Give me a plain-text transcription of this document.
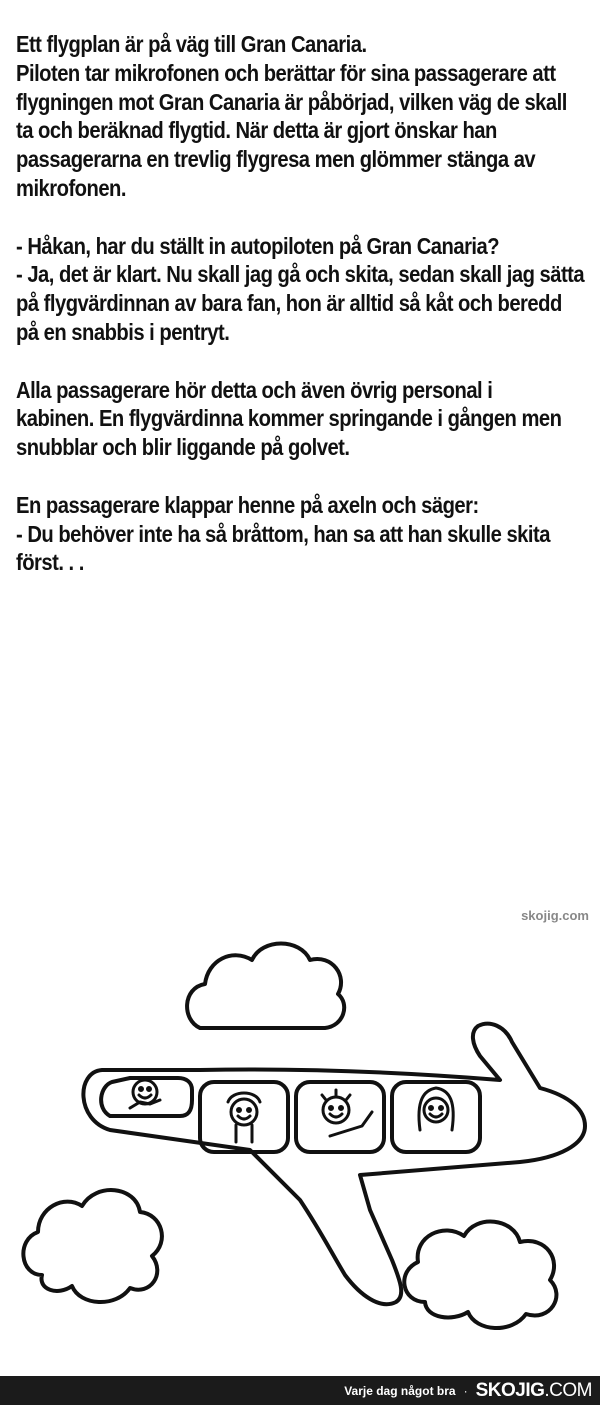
Ett flygplan är på väg till Gran Canaria.
Piloten tar mikrofonen och berättar för sina passagerare att flygningen mot Gran Canaria är påbörjad, vilken väg de skall ta och beräknad flygtid. När detta är gjort önskar han passagerarna en trevlig flygresa men glömmer stänga av mikrofonen.

- Håkan, har du ställt in autopiloten på Gran Canaria?
- Ja, det är klart. Nu skall jag gå och skita, sedan skall jag sätta
på flygvärdinnan av bara fan, hon är alltid så kåt och beredd på en snabbis i pentryt.

Alla passagerare hör detta och även övrig personal i
kabinen. En flygvärdinna kommer springande i gången men snubblar och blir liggande på golvet.

En passagerare klappar henne på axeln och säger:
- Du behöver inte ha så bråttom, han sa att han skulle skita först. . .

skojig.com
Varje dag något bra · SKOJIG.COM
